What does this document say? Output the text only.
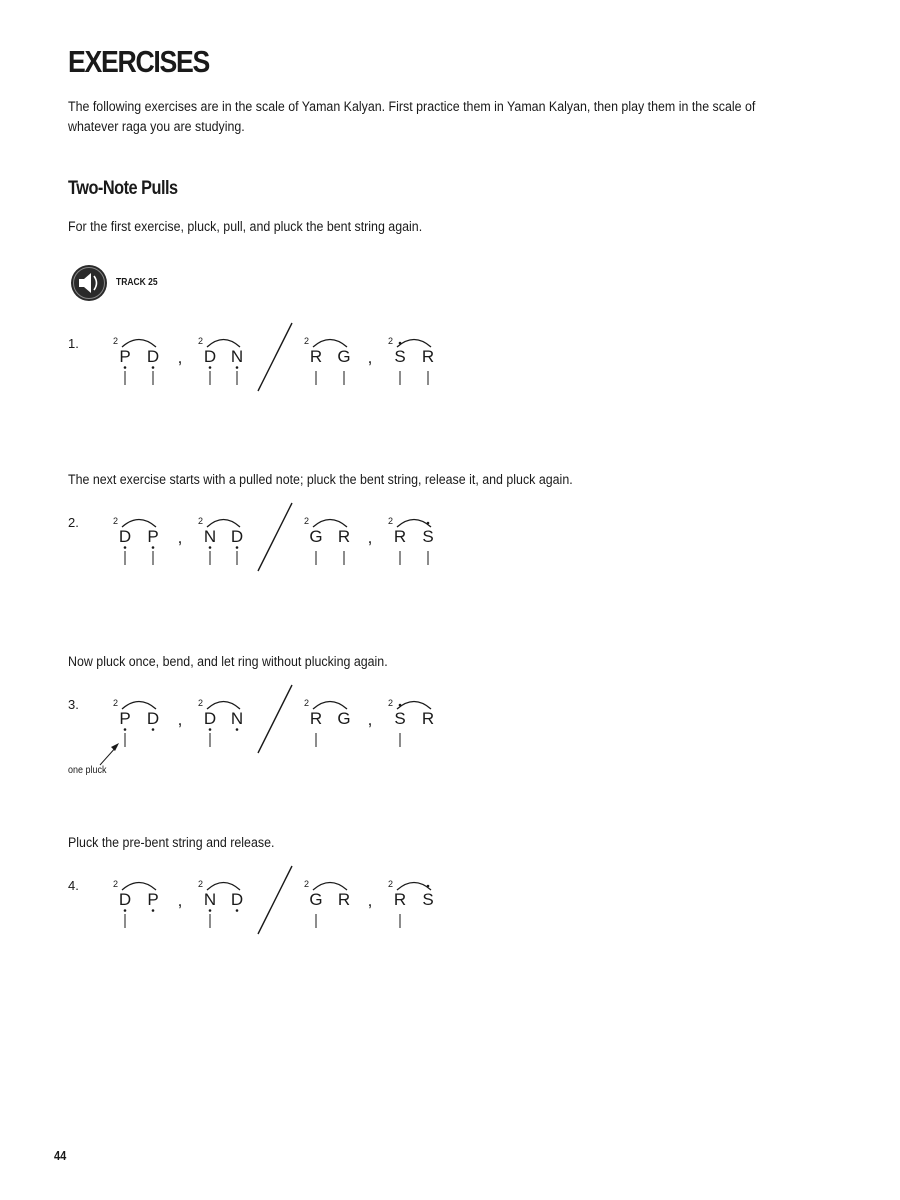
EXERCISES
The following exercises are in the scale of Yaman Kalyan. First practice them in Yaman Kalyan, then play them in the scale of
whatever raga you are studying.
Two-Note Pulls
For the first exercise, pluck, pull, and pluck the bent string again.
TRACK 25
1.	2
P D
2
D N
2
R G
2
S R
,	,
The next exercise starts with a pulled note; pluck the bent string, release it, and pluck again.
2.	2
D P
2
N D
2
G R
2
R S
,	,
Now pluck once, bend, and let ring without plucking again.
3.	2
P D
2
D N
2
R G
2
S R
,	,
one pluck
Pluck the pre-bent string and release.
4.	2
D P
2
N D
2
G R
2
R S
,	,
44
